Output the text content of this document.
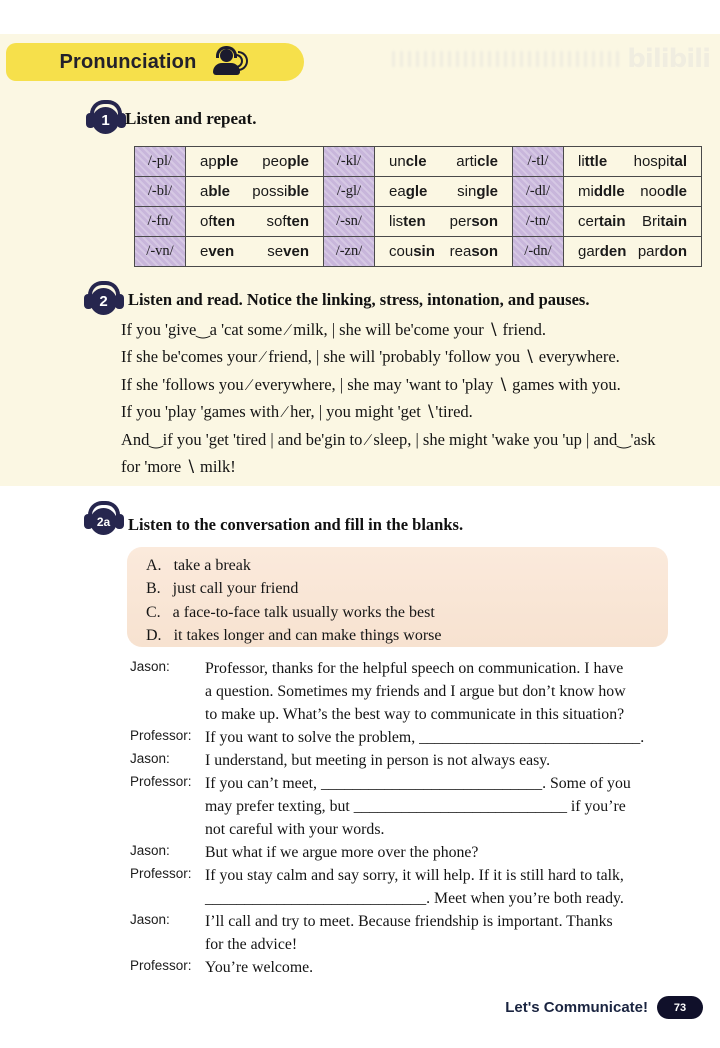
bilibili
Pronunciation
1 Listen and repeat.
/-pl/	apple people	/-kl/	uncle article	/-tl/	little hospital

/-bl/	able possible	/-gl/	eagle single	/-dl/	middle noodle

/-fn/	often soften	/-sn/	listen person	/-tn/	certain Britain

/-vn/	even seven	/-zn/	cousin reason	/-dn/	garden pardon
2	Listen and read. Notice the linking, stress, intonation, and pauses.

If you 'give‿a 'cat some ∕ milk, | she will be'come your ∖ friend.

If she be'comes your ∕ friend, | she will 'probably 'follow you ∖ everywhere.

If she 'follows you ∕ everywhere, | she may 'want to 'play ∖ games with you.

If you 'play 'games with ∕ her, | you might 'get ∖'tired.

And‿if you 'get 'tired | and be'gin to ∕ sleep, | she might 'wake you 'up | and‿'ask

for 'more ∖ milk!

2a	Listen to the conversation and fill in the blanks.
A. take a break
B. just call your friend
C. a face-to-face talk usually works the best
D. it takes longer and can make things worse
Jason: Professor, thanks for the helpful speech on communication. I have
a question. Sometimes my friends and I argue but don’t know how
to make up. What’s the best way to communicate in this situation?
Professor: If you want to solve the problem, ____________________________.
Jason: I understand, but meeting in person is not always easy.
Professor: If you can’t meet, ____________________________. Some of you
may prefer texting, but ___________________________ if you’re
not careful with your words.
Jason: But what if we argue more over the phone?
Professor: If you stay calm and say sorry, it will help. If it is still hard to talk,
____________________________. Meet when you’re both ready.
Jason: I’ll call and try to meet. Because friendship is important. Thanks
for the advice!
Professor: You’re welcome.
Let's Communicate!	73
